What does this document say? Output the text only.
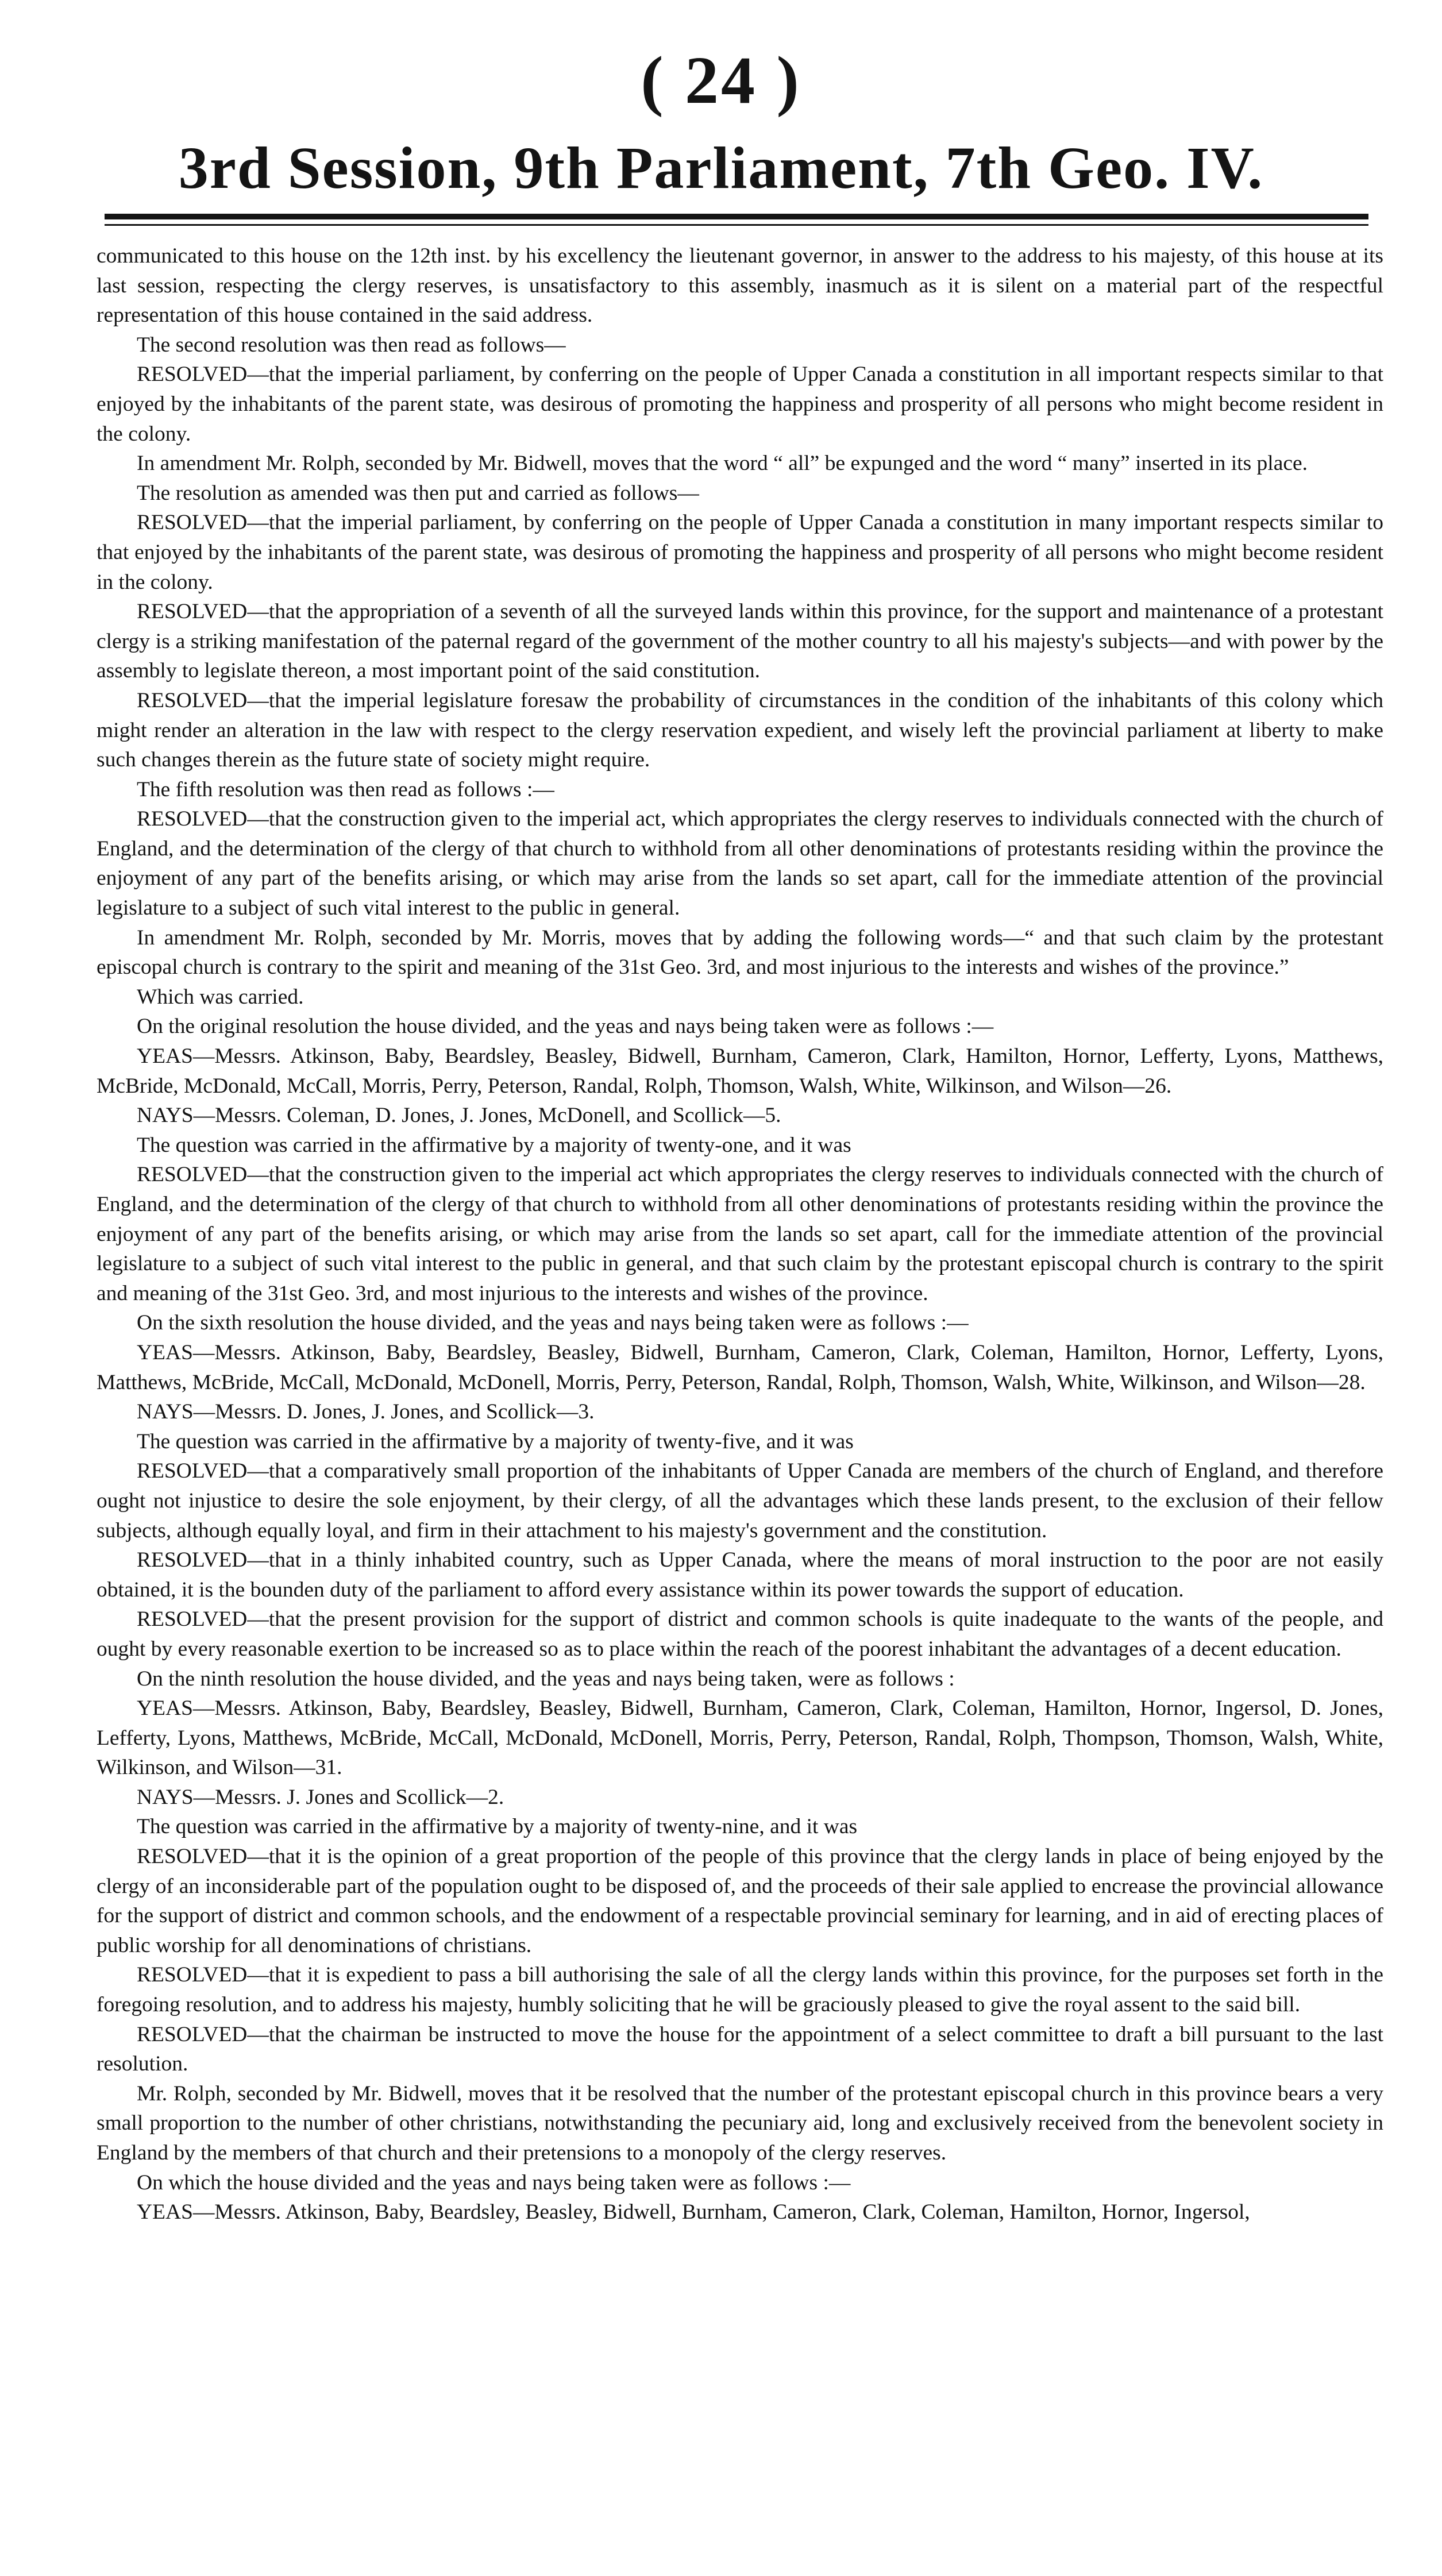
( 24 )
3rd Session, 9th Parliament, 7th Geo. IV.

communicated to this house on the 12th inst. by his excellency the lieutenant governor, in answer to the address to his majesty, of this house at its last session, respecting the clergy reserves, is unsatisfactory to this assembly, inasmuch as it is silent on a material part of the respectful representation of this house contained in the said address.

The second resolution was then read as follows—

RESOLVED—that the imperial parliament, by conferring on the people of Upper Canada a constitution in all important respects similar to that enjoyed by the inhabitants of the parent state, was desirous of promoting the happiness and prosperity of all persons who might become resident in the colony.

In amendment Mr. Rolph, seconded by Mr. Bidwell, moves that the word “ all” be expunged and the word “ many” inserted in its place.

The resolution as amended was then put and carried as follows—

RESOLVED—that the imperial parliament, by conferring on the people of Upper Canada a constitution in many important respects similar to that enjoyed by the inhabitants of the parent state, was desirous of promoting the happiness and prosperity of all persons who might become resident in the colony.

RESOLVED—that the appropriation of a seventh of all the surveyed lands within this province, for the support and maintenance of a protestant clergy is a striking manifestation of the paternal regard of the government of the mother country to all his majesty's subjects—and with power by the assembly to legislate thereon, a most important point of the said constitution.

RESOLVED—that the imperial legislature foresaw the probability of circumstances in the condition of the inhabitants of this colony which might render an alteration in the law with respect to the clergy reservation expedient, and wisely left the provincial parliament at liberty to make such changes therein as the future state of society might require.

The fifth resolution was then read as follows :—

RESOLVED—that the construction given to the imperial act, which appropriates the clergy reserves to individuals connected with the church of England, and the determination of the clergy of that church to withhold from all other denominations of protestants residing within the province the enjoyment of any part of the benefits arising, or which may arise from the lands so set apart, call for the immediate attention of the provincial legislature to a subject of such vital interest to the public in general.

In amendment Mr. Rolph, seconded by Mr. Morris, moves that by adding the following words—“ and that such claim by the protestant episcopal church is contrary to the spirit and meaning of the 31st Geo. 3rd, and most injurious to the interests and wishes of the province.”

Which was carried.

On the original resolution the house divided, and the yeas and nays being taken were as follows :—

YEAS—Messrs. Atkinson, Baby, Beardsley, Beasley, Bidwell, Burnham, Cameron, Clark, Hamilton, Hornor, Lefferty, Lyons, Matthews, McBride, McDonald, McCall, Morris, Perry, Peterson, Randal, Rolph, Thomson, Walsh, White, Wilkinson, and Wilson—26.

NAYS—Messrs. Coleman, D. Jones, J. Jones, McDonell, and Scollick—5.

The question was carried in the affirmative by a majority of twenty-one, and it was

RESOLVED—that the construction given to the imperial act which appropriates the clergy reserves to individuals connected with the church of England, and the determination of the clergy of that church to withhold from all other denominations of protestants residing within the province the enjoyment of any part of the benefits arising, or which may arise from the lands so set apart, call for the immediate attention of the provincial legislature to a subject of such vital interest to the public in general, and that such claim by the protestant episcopal church is contrary to the spirit and meaning of the 31st Geo. 3rd, and most injurious to the interests and wishes of the province.

On the sixth resolution the house divided, and the yeas and nays being taken were as follows :—

YEAS—Messrs. Atkinson, Baby, Beardsley, Beasley, Bidwell, Burnham, Cameron, Clark, Coleman, Hamilton, Hornor, Lefferty, Lyons, Matthews, McBride, McCall, McDonald, McDonell, Morris, Perry, Peterson, Randal, Rolph, Thomson, Walsh, White, Wilkinson, and Wilson—28.

NAYS—Messrs. D. Jones, J. Jones, and Scollick—3.

The question was carried in the affirmative by a majority of twenty-five, and it was

RESOLVED—that a comparatively small proportion of the inhabitants of Upper Canada are members of the church of England, and therefore ought not injustice to desire the sole enjoyment, by their clergy, of all the advantages which these lands present, to the exclusion of their fellow subjects, although equally loyal, and firm in their attachment to his majesty's government and the constitution.

RESOLVED—that in a thinly inhabited country, such as Upper Canada, where the means of moral instruction to the poor are not easily obtained, it is the bounden duty of the parliament to afford every assistance within its power towards the support of education.

RESOLVED—that the present provision for the support of district and common schools is quite inadequate to the wants of the people, and ought by every reasonable exertion to be increased so as to place within the reach of the poorest inhabitant the advantages of a decent education.

On the ninth resolution the house divided, and the yeas and nays being taken, were as follows :

YEAS—Messrs. Atkinson, Baby, Beardsley, Beasley, Bidwell, Burnham, Cameron, Clark, Coleman, Hamilton, Hornor, Ingersol, D. Jones, Lefferty, Lyons, Matthews, McBride, McCall, McDonald, McDonell, Morris, Perry, Peterson, Randal, Rolph, Thompson, Thomson, Walsh, White, Wilkinson, and Wilson—31.

NAYS—Messrs. J. Jones and Scollick—2.

The question was carried in the affirmative by a majority of twenty-nine, and it was

RESOLVED—that it is the opinion of a great proportion of the people of this province that the clergy lands in place of being enjoyed by the clergy of an inconsiderable part of the population ought to be disposed of, and the proceeds of their sale applied to encrease the provincial allowance for the support of district and common schools, and the endowment of a respectable provincial seminary for learning, and in aid of erecting places of public worship for all denominations of christians.

RESOLVED—that it is expedient to pass a bill authorising the sale of all the clergy lands within this province, for the purposes set forth in the foregoing resolution, and to address his majesty, humbly soliciting that he will be graciously pleased to give the royal assent to the said bill.

RESOLVED—that the chairman be instructed to move the house for the appointment of a select committee to draft a bill pursuant to the last resolution.

Mr. Rolph, seconded by Mr. Bidwell, moves that it be resolved that the number of the protestant episcopal church in this province bears a very small proportion to the number of other christians, notwithstanding the pecuniary aid, long and exclusively received from the benevolent society in England by the members of that church and their pretensions to a monopoly of the clergy reserves.

On which the house divided and the yeas and nays being taken were as follows :—

YEAS—Messrs. Atkinson, Baby, Beardsley, Beasley, Bidwell, Burnham, Cameron, Clark, Coleman, Hamilton, Hornor, Ingersol,
